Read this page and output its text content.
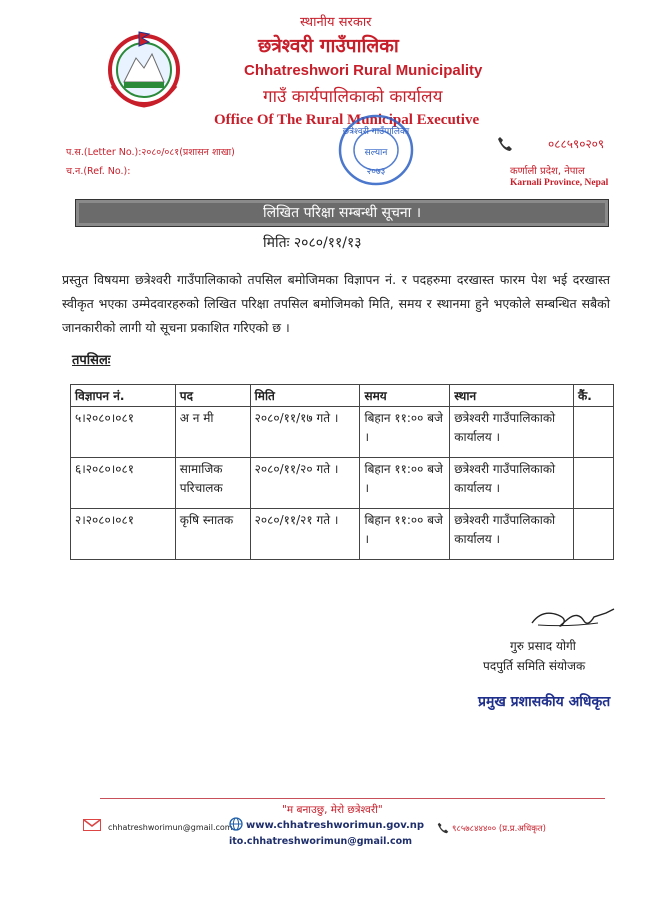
स्थानीय सरकार
छत्रेश्वरी गाउँपालिका
Chhatreshwori Rural Municipality
गाउँ कार्यपालिकाको कार्यालय
Office Of The Rural Municipal Executive
छत्रेश्वरी गाउँपालिका
सल्यान
२०७३
प.स.(Letter No.):२०८०/०८१(प्रशासन शाखा)
च.न.(Ref. No.):
०८८५९०२०९
कर्णाली प्रदेश, नेपाल
Karnali Province, Nepal
लिखित परिक्षा सम्बन्धी सूचना ।
मितिः २०८०/११/१३
प्रस्तुत विषयमा छत्रेश्वरी गाउँपालिकाको तपसिल बमोजिमका विज्ञापन नं. र पदहरुमा दरखास्त फारम पेश भई दरखास्त स्वीकृत भएका उम्मेदवारहरुको लिखित परिक्षा तपसिल बमोजिमको मिति, समय र स्थानमा हुने भएकोले सम्बन्धित सबैको जानकारीको लागी यो सूचना प्रकाशित गरिएको छ ।
तपसिलः
विज्ञापन नं.	पद	मिति	समय	स्थान	कैं.
५।२०८०।०८१	अ न मी	२०८०/११/१७ गते ।	बिहान ११:०० बजे ।	छत्रेश्वरी गाउँपालिकाको कार्यालय ।	
६।२०८०।०८१	सामाजिक परिचालक	२०८०/११/२० गते ।	बिहान ११:०० बजे ।	छत्रेश्वरी गाउँपालिकाको कार्यालय ।	
२।२०८०।०८१	कृषि स्नातक	२०८०/११/२१ गते ।	बिहान ११:०० बजे ।	छत्रेश्वरी गाउँपालिकाको कार्यालय ।	
गुरु प्रसाद योगी
पदपुर्ति समिति संयोजक
प्रमुख प्रशासकीय अधिकृत
"म बनाउछु, मेरो छत्रेश्वरी"
chhatreshworimun@gmail.com www.chhatreshworimun.gov.np
ito.chhatreshworimun@gmail.com
९८५७८४४४०० (प्र.प्र.अधिकृत)
